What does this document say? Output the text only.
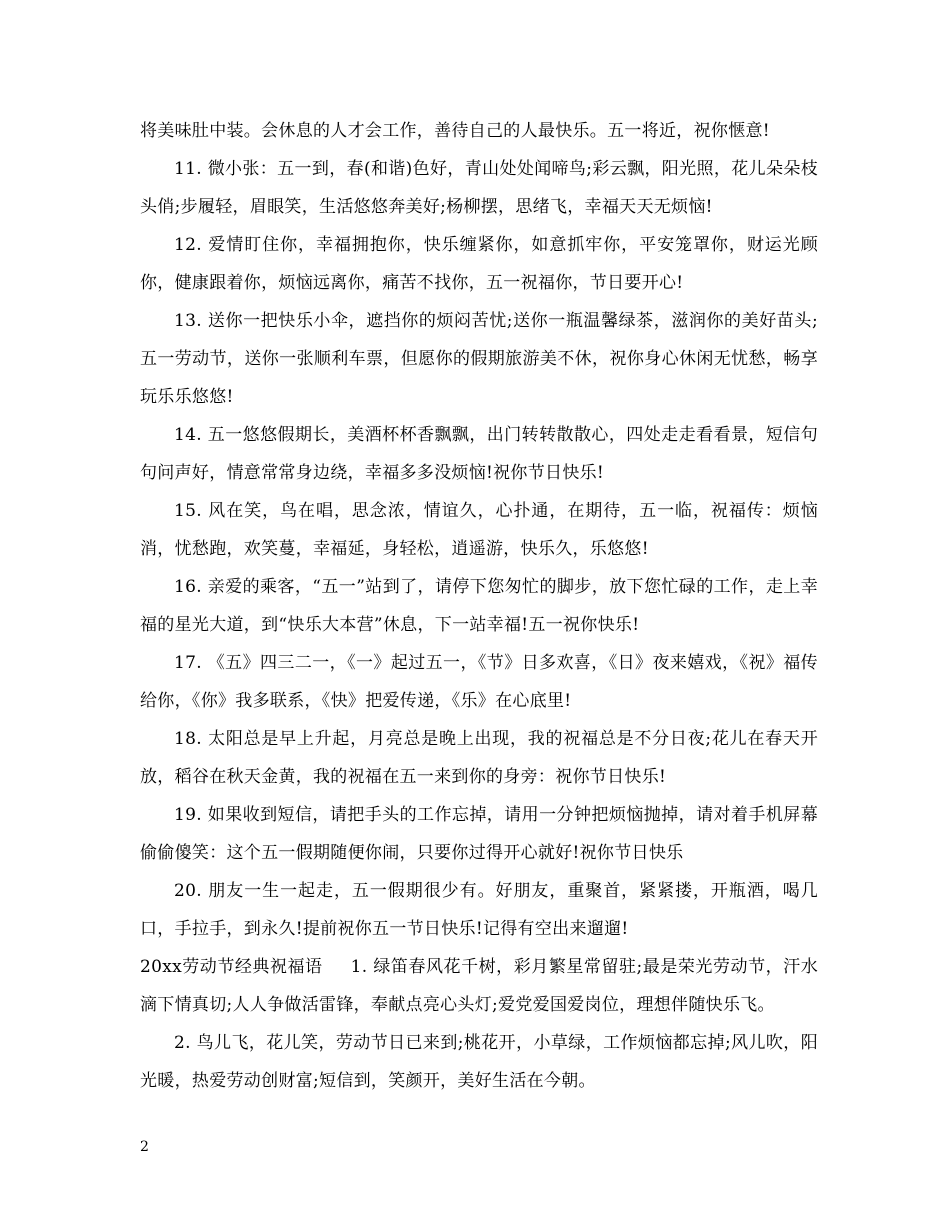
将美味肚中装。会休息的人才会工作，善待自己的人最快乐。五一将近，祝你惬意!

11. 微小张：五一到，春(和谐)色好，青山处处闻啼鸟;彩云飘，阳光照，花儿朵朵枝头俏;步履轻，眉眼笑，生活悠悠奔美好;杨柳摆，思绪飞，幸福天天无烦恼!

12. 爱情盯住你，幸福拥抱你，快乐缠紧你，如意抓牢你，平安笼罩你，财运光顾你，健康跟着你，烦恼远离你，痛苦不找你，五一祝福你，节日要开心!

13. 送你一把快乐小伞，遮挡你的烦闷苦忧;送你一瓶温馨绿茶，滋润你的美好苗头;五一劳动节，送你一张顺利车票，但愿你的假期旅游美不休，祝你身心休闲无忧愁，畅享玩乐乐悠悠!

14. 五一悠悠假期长，美酒杯杯香飘飘，出门转转散散心，四处走走看看景，短信句句问声好，情意常常身边绕，幸福多多没烦恼!祝你节日快乐!

15. 风在笑，鸟在唱，思念浓，情谊久，心扑通，在期待，五一临，祝福传：烦恼消，忧愁跑，欢笑蔓，幸福延，身轻松，逍遥游，快乐久，乐悠悠!

16. 亲爱的乘客，“五一”站到了，请停下您匆忙的脚步，放下您忙碌的工作，走上幸福的星光大道，到“快乐大本营”休息，下一站幸福!五一祝你快乐!

17. 《五》四三二一，《一》起过五一，《节》日多欢喜，《日》夜来嬉戏，《祝》福传给你，《你》我多联系，《快》把爱传递，《乐》在心底里!

18. 太阳总是早上升起，月亮总是晚上出现，我的祝福总是不分日夜;花儿在春天开放，稻谷在秋天金黄，我的祝福在五一来到你的身旁：祝你节日快乐!

19. 如果收到短信，请把手头的工作忘掉，请用一分钟把烦恼抛掉，请对着手机屏幕偷偷傻笑：这个五一假期随便你闹，只要你过得开心就好!祝你节日快乐

20. 朋友一生一起走，五一假期很少有。好朋友，重聚首，紧紧搂，开瓶酒，喝几口，手拉手，到永久!提前祝你五一节日快乐!记得有空出来遛遛!

20xx劳动节经典祝福语 1. 绿笛春风花千树，彩月繁星常留驻;最是荣光劳动节，汗水滴下情真切;人人争做活雷锋，奉献点亮心头灯;爱党爱国爱岗位，理想伴随快乐飞。

2. 鸟儿飞，花儿笑，劳动节日已来到;桃花开，小草绿，工作烦恼都忘掉;风儿吹，阳光暖，热爱劳动创财富;短信到，笑颜开，美好生活在今朝。

2
